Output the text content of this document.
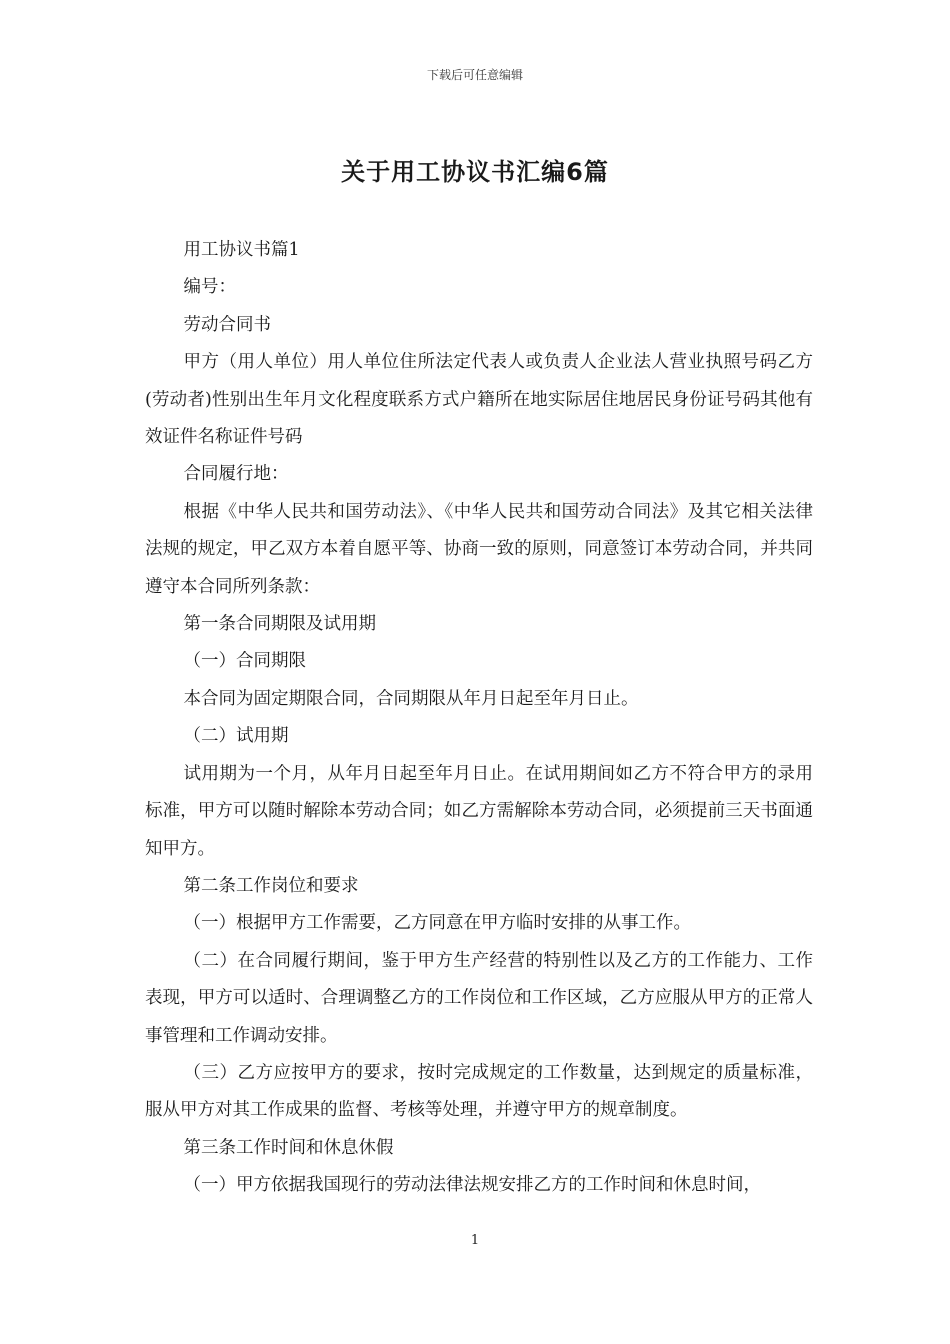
下载后可任意编辑
关于用工协议书汇编6篇

用工协议书篇1

编号：

劳动合同书

甲方（用人单位）用人单位住所法定代表人或负责人企业法人营业执照号码乙方(劳动者)性别出生年月文化程度联系方式户籍所在地实际居住地居民身份证号码其他有效证件名称证件号码

合同履行地：

根据《中华人民共和国劳动法》、《中华人民共和国劳动合同法》及其它相关法律法规的规定，甲乙双方本着自愿平等、协商一致的原则，同意签订本劳动合同，并共同遵守本合同所列条款：

第一条合同期限及试用期

（一）合同期限

本合同为固定期限合同，合同期限从年月日起至年月日止。

（二）试用期

试用期为一个月，从年月日起至年月日止。在试用期间如乙方不符合甲方的录用标准，甲方可以随时解除本劳动合同；如乙方需解除本劳动合同，必须提前三天书面通知甲方。

第二条工作岗位和要求

（一）根据甲方工作需要，乙方同意在甲方临时安排的从事工作。

（二）在合同履行期间，鉴于甲方生产经营的特别性以及乙方的工作能力、工作表现，甲方可以适时、合理调整乙方的工作岗位和工作区域，乙方应服从甲方的正常人事管理和工作调动安排。

（三）乙方应按甲方的要求，按时完成规定的工作数量，达到规定的质量标准，服从甲方对其工作成果的监督、考核等处理，并遵守甲方的规章制度。

第三条工作时间和休息休假

（一）甲方依据我国现行的劳动法律法规安排乙方的工作时间和休息时间，

1
